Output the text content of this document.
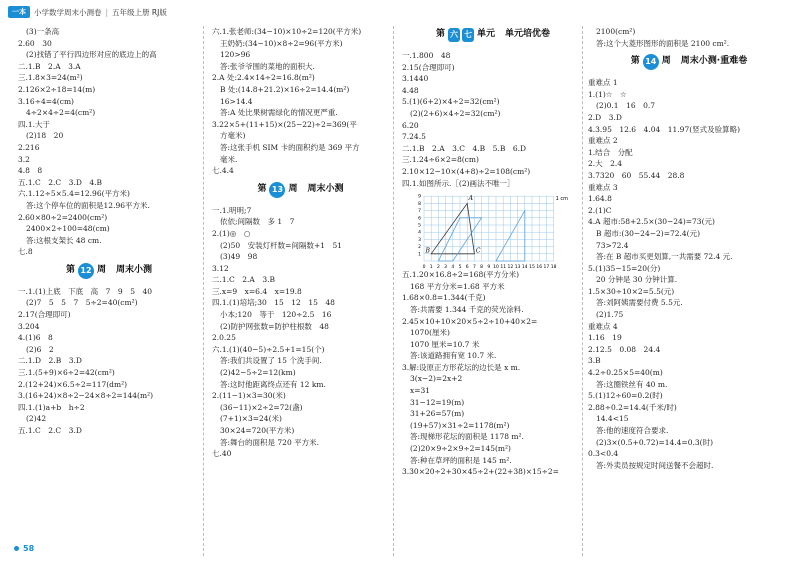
一本	小学数学周末小测卷 | 五年级上册 RJ版
(3)一条高
2.60　30
(2)找错了平行四边形对应的底边上的高
二.1.B　2.A　3.A
三.1.8×3=24(m²)
2.126×2÷18=14(m)
3.16÷4=4(cm)
4÷2×4÷2=4(cm²)
四.1.大于
(2)18　20
2.216
3.2
4.8　8
五.1.C　2.C　3.D　4.B
六.1.12÷5×5.4=12.96(平方米)
答:这个停车位的面积是12.96平方米.
2.60×80÷2=2400(cm²)
2400×2÷100=48(cm)
答:这根支架长 48 cm.
七.8
第 12 周 周末小测
一.1.(1)上底　下底　高　7　9　5　40
(2)7　5　5　7　5÷2=40(cm²)
2.17(合理即可)
3.204
4.(1)6　8
(2)6　2
二.1.D　2.B　3.D
三.1.(5+9)×6÷2=42(cm²)
2.(12+24)×6.5÷2=117(dm²)
3.(16+24)×8÷2−24×8÷2=144(m²)
四.1.(1)a+b　h÷2
(2)42
五.1.C　2.C　3.D
六.1.张老师:(34−10)×10÷2=120(平方米)
王奶奶:(34−10)×8÷2=96(平方米)
120>96
答:张爷爷围的菜地的面积大.
2.A 处:2.4×14÷2=16.8(m²)
B 处:(14.8+21.2)×16÷2=14.4(m²)
16>14.4
答:A 处比果树需绿化的情况更严重.
3.22×5+(11+15)×(25−22)÷2=369(平
方毫米)
答:这张手机 SIM 卡的面积约是 369 平方
毫米.
七.4.4
第 13 周 周末小测
一.1.明明;7
依依;间隔数　多 1　7
2.(1)◎　○
(2)50　安装灯杆数=间隔数+1　51
(3)49　98
3.12
二.1.C　2.A　3.B
三.x=9　x=6.4　x=19.8
四.1.(1)培培;30　15　12　15　48
小本;120　等于　120÷2.5　16
(2)防护网张数=防护柱根数　48
2.0.25
六.1.(1)(40−5)÷2.5+1=15(个)
答:我们共设置了 15 个洗手间.
(2)42−5÷2=12(km)
答:这时他距离终点还有 12 km.
2.(11−1)×3=30(米)
(36−11)×2÷2=72(盏)
(7+1)×3=24(米)
30×24=720(平方米)
答:舞台的面积是 720 平方米.
七.40
第 六 七 单元 单元培优卷
一.1.800　48
2.15(合理即可)
3.1440
4.48
5.(1)(6+2)×4÷2=32(cm²)
(2)(2+6)×4÷2=32(cm²)
6.20
7.24.5
二.1.B　2.A　3.C　4.B　5.B　6.D
三.1.24÷6×2=8(cm)
2.10×12−10×(4+8)÷2=108(cm²)
四.1.如图所示.［(2)画法不唯一］
0 1 2 3 4 5 6 7 8 9 10 11 12 13 14 15 16 17 18
1
2
3
4
5
6
7
8
9
B
A
C
1 cm
五.1.20×16.8÷2=168(平方分米)
168 平方分米=1.68 平方米
1.68×0.8=1.344(千克)
答:共需要 1.344 千克的荧光涂料.
2.45×10+10×20×5÷2÷10+40×2=
1070(厘米)
1070 厘米=10.7 米
答:该道路拥有宽 10.7 米.
3.解:设原正方形花坛的边长是 x m.
3(x−2)=2x+2
x=31
31−12=19(m)
31+26=57(m)
(19+57)×31÷2=1178(m²)
答:现梯形花坛的面积是 1178 m².
(2)20×9÷2×9÷2=145(m²)
答:种在草坪的面积是 145 m².
3.30×20÷2+30×45÷2+(22+38)×15÷2=
2100(cm²)
答:这个大菱形图形的面积是 2100 cm².
第 14 周 周末小测·重难卷
重难点 1
1.(1)☆　☆
(2)0.1　16　0.7
2.D　3.D
4.3.95　12.6　4.04　11.97(竖式及验算略)
重难点 2
1.结合　分配
2.大　2.4
3.7320　60　55.44　28.8
重难点 3
1.64.8
2.(1)C
4.A 超市:58+2.5×(30−24)=73(元)
B 超市:(30−24−2)=72.4(元)
73>72.4
答:在 B 超市买更划算,一共需要 72.4 元.
5.(1)35−15=20(分)
20 分钟是 30 分钟计算.
1.5×30÷10×2=5.5(元)
答:刘阿姨需要付费 5.5元.
(2)1.75
重难点 4
1.16　19
2.12.5　0.08　24.4
3.B
4.2÷0.25×5=40(m)
答:这圈铁丝有 40 m.
5.(1)12÷60=0.2(时)
2.88÷0.2=14.4(千米/时)
14.4<15
答:他的速度符合要求.
(2)3×(0.5+0.72)=14.4=0.3(时)
0.3<0.4
答:外卖员按规定时间送餐不会超时.
58
